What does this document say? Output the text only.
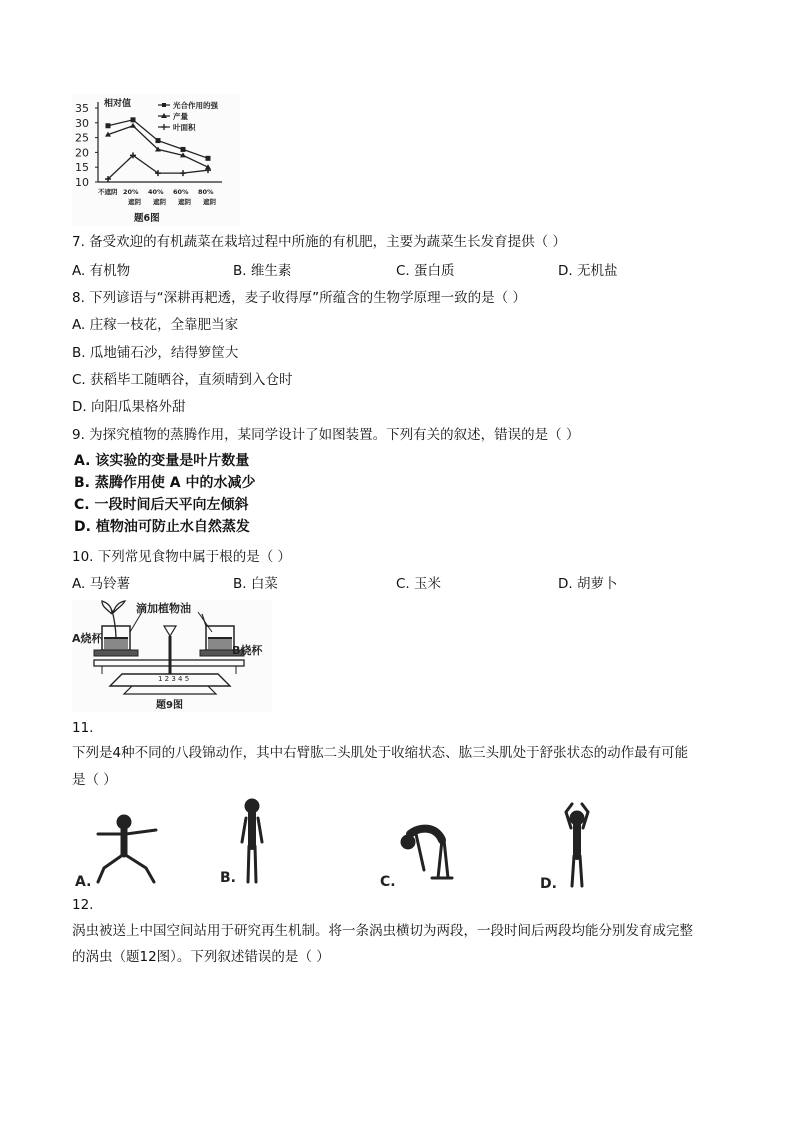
相对值
35
30
25
20
15
10
不遮阴 20%
遮阴
40%
遮阴
60%
遮阴
80%
遮阴
光合作用的强
产量
叶面积
题6图
7. 备受欢迎的有机蔬菜在栽培过程中所施的有机肥，主要为蔬菜生长发育提供（ ）
A. 有机物	B. 维生素	C. 蛋白质	D. 无机盐
8. 下列谚语与“深耕再耙透，麦子收得厚”所蕴含的生物学原理一致的是（ ）
A. 庄稼一枝花，全靠肥当家
B. 瓜地铺石沙，结得箩筐大
C. 获稻毕工随晒谷，直须晴到入仓时
D. 向阳瓜果格外甜
9. 为探究植物的蒸腾作用，某同学设计了如图装置。下列有关的叙述，错误的是（ ）
A. 该实验的变量是叶片数量
B. 蒸腾作用使 A 中的水减少
C. 一段时间后天平向左倾斜
D. 植物油可防止水自然蒸发
10. 下列常见食物中属于根的是（ ）
A. 马铃薯	B. 白菜	C. 玉米	D. 胡萝卜
滴加植物油
1 2 3 4 5
A烧杯
B烧杯
题9图
11.
下列是4种不同的八段锦动作，其中右臂肱二头肌处于收缩状态、肱三头肌处于舒张状态的动作最有可能
是（ ）
A.	B.	C.	D.
12.
涡虫被送上中国空间站用于研究再生机制。将一条涡虫横切为两段，一段时间后两段均能分别发育成完整
的涡虫（题12图）。下列叙述错误的是（ ）
